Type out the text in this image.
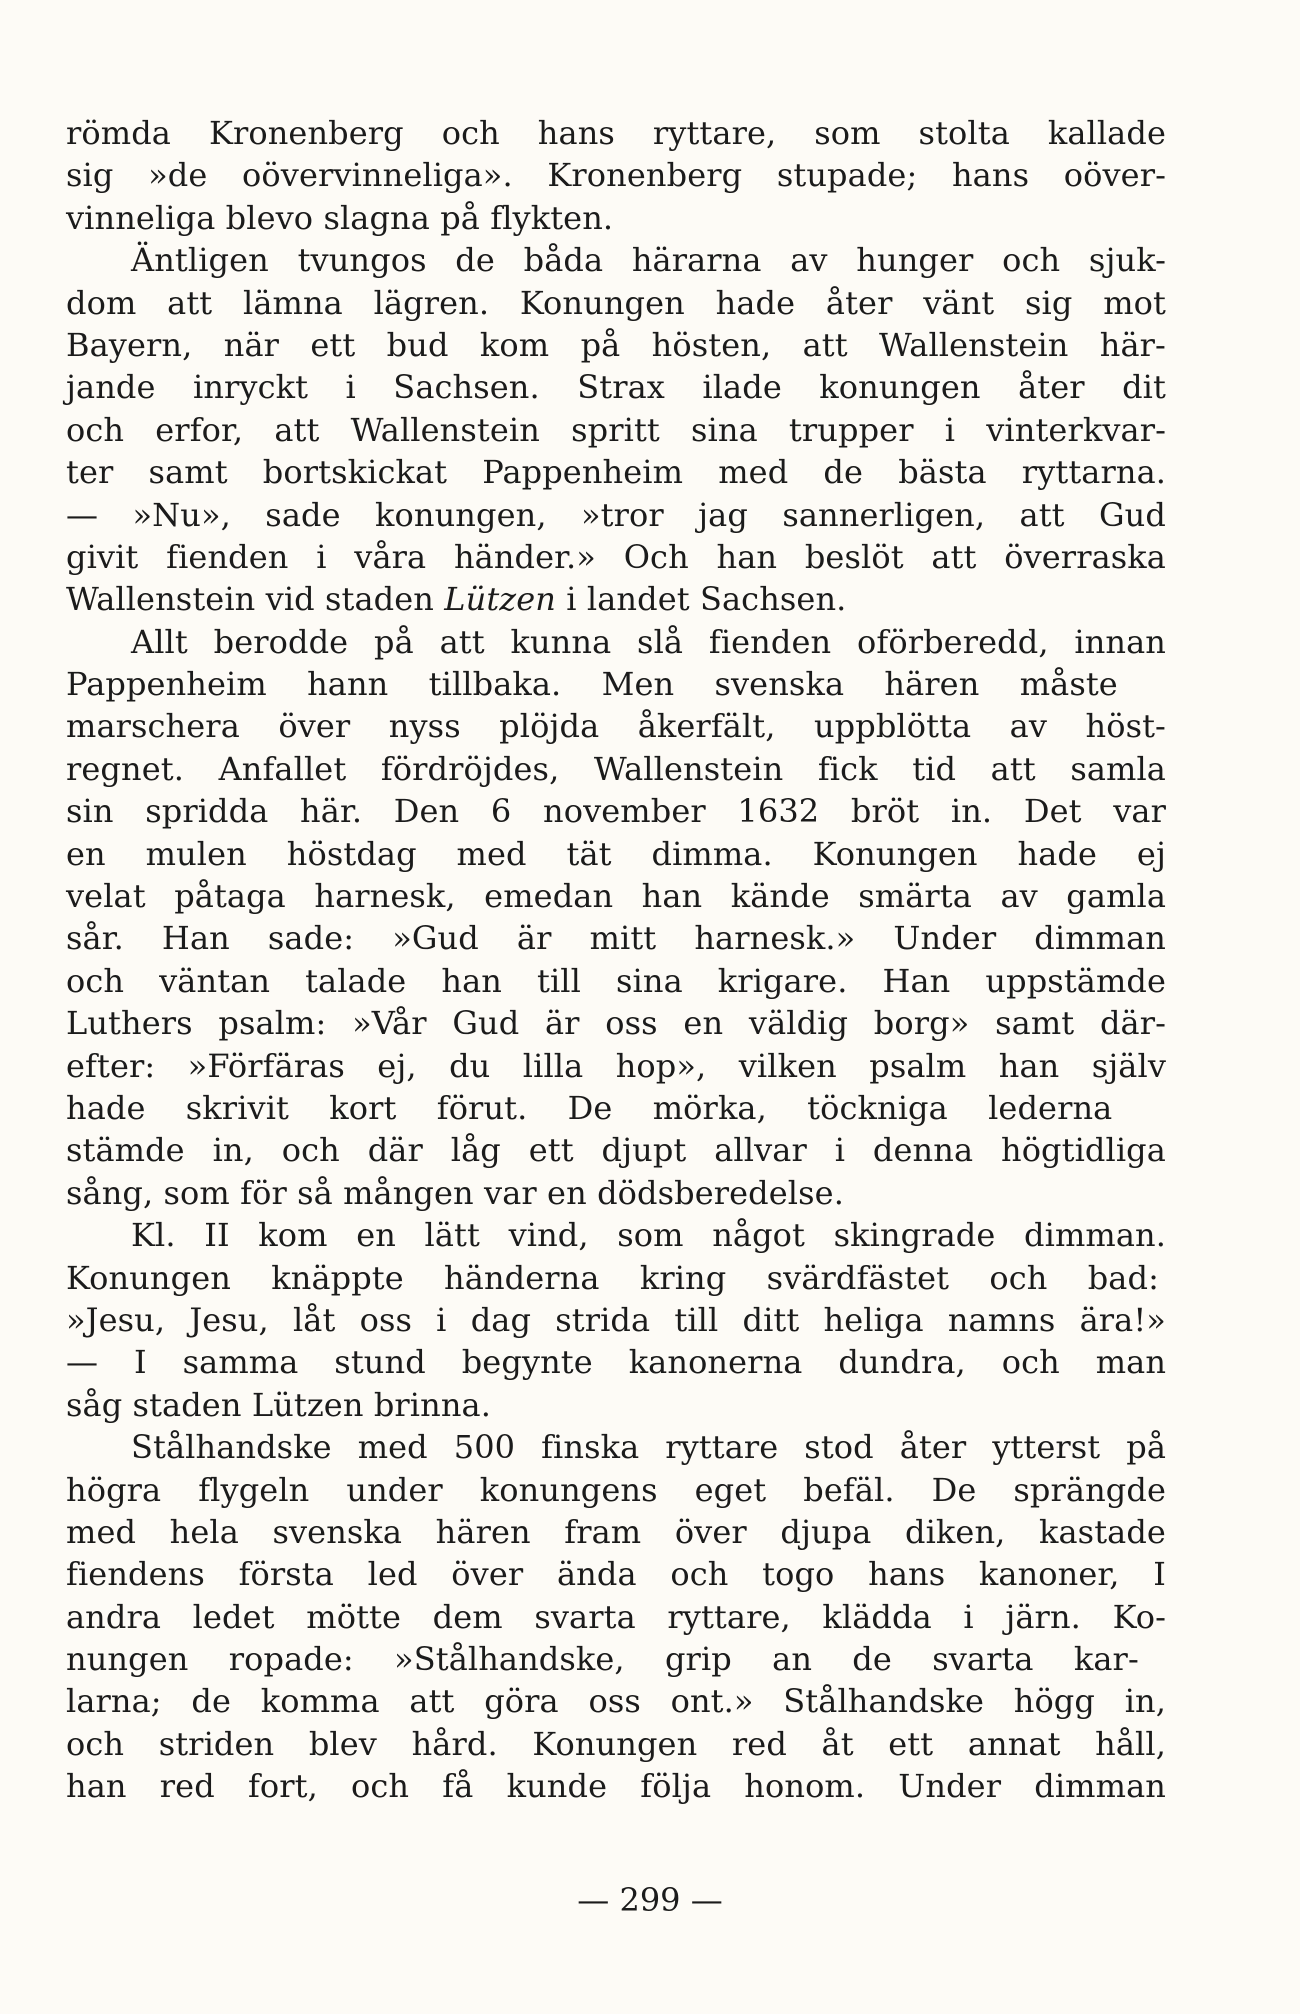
römda Kronenberg och hans ryttare, som stolta kallade
sig »de oövervinneliga». Kronenberg stupade; hans oöver-
vinneliga blevo slagna på flykten.
Äntligen tvungos de båda härarna av hunger och sjuk-
dom att lämna lägren. Konungen hade åter vänt sig mot
Bayern, när ett bud kom på hösten, att Wallenstein här-
jande inryckt i Sachsen. Strax ilade konungen åter dit
och erfor, att Wallenstein spritt sina trupper i vinterkvar-
ter samt bortskickat Pappenheim med de bästa ryttarna.
— »Nu», sade konungen, »tror jag sannerligen, att Gud
givit fienden i våra händer.» Och han beslöt att överraska
Wallenstein vid staden Lützen i landet Sachsen.
Allt berodde på att kunna slå fienden oförberedd, innan
Pappenheim hann tillbaka. Men svenska hären måste
marschera över nyss plöjda åkerfält, uppblötta av höst-
regnet. Anfallet fördröjdes, Wallenstein fick tid att samla
sin spridda här. Den 6 november 1632 bröt in. Det var
en mulen höstdag med tät dimma. Konungen hade ej
velat påtaga harnesk, emedan han kände smärta av gamla
sår. Han sade: »Gud är mitt harnesk.» Under dimman
och väntan talade han till sina krigare. Han uppstämde
Luthers psalm: »Vår Gud är oss en väldig borg» samt där-
efter: »Förfäras ej, du lilla hop», vilken psalm han själv
hade skrivit kort förut. De mörka, töckniga lederna
stämde in, och där låg ett djupt allvar i denna högtidliga
sång, som för så mången var en dödsberedelse.
Kl. II kom en lätt vind, som något skingrade dimman.
Konungen knäppte händerna kring svärdfästet och bad:
»Jesu, Jesu, låt oss i dag strida till ditt heliga namns ära!»
— I samma stund begynte kanonerna dundra, och man
såg staden Lützen brinna.
Stålhandske med 500 finska ryttare stod åter ytterst på
högra flygeln under konungens eget befäl. De sprängde
med hela svenska hären fram över djupa diken, kastade
fiendens första led över ända och togo hans kanoner, I
andra ledet mötte dem svarta ryttare, klädda i järn. Ko-
nungen ropade: »Stålhandske, grip an de svarta kar-
larna; de komma att göra oss ont.» Stålhandske högg in,
och striden blev hård. Konungen red åt ett annat håll,
han red fort, och få kunde följa honom. Under dimman
— 299 —
